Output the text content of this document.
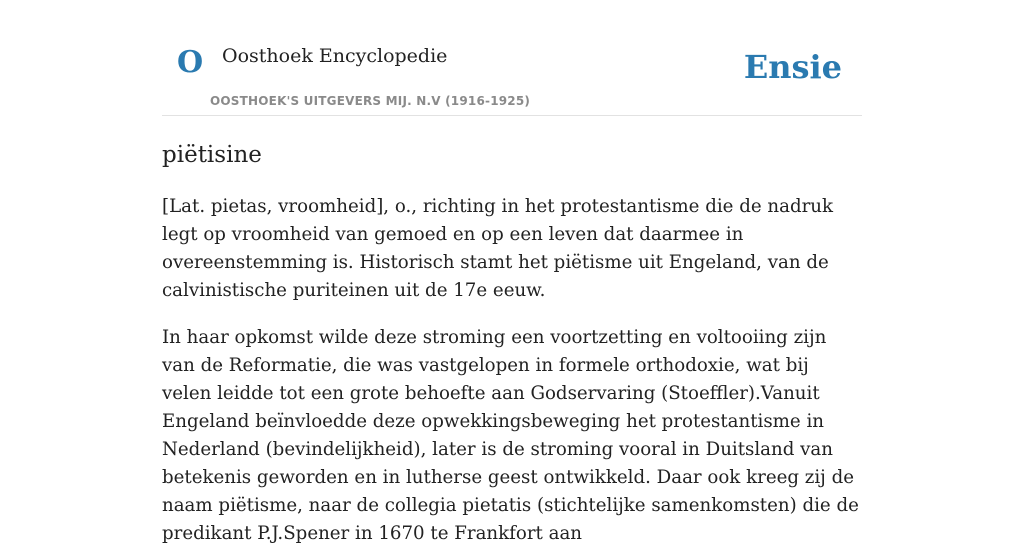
O Oosthoek Encyclopedie
OOSTHOEK'S UITGEVERS MIJ. N.V (1916-1925)
Ensie
piëtisine

[Lat. pietas, vroomheid], o., richting in het protestantisme die de nadruk legt op vroomheid van gemoed en op een leven dat daarmee in overeenstemming is. Historisch stamt het piëtisme uit Engeland, van de calvinistische puriteinen uit de 17e eeuw.

In haar opkomst wilde deze stroming een voortzetting en voltooiing zijn van de Reformatie, die was vastgelopen in formele orthodoxie, wat bij velen leidde tot een grote behoefte aan Godservaring (Stoeffler).Vanuit Engeland beïnvloedde deze opwekkingsbeweging het protestantisme in Nederland (bevindelijkheid), later is de stroming vooral in Duitsland van betekenis geworden en in lutherse geest ontwikkeld. Daar ook kreeg zij de naam piëtisme, naar de collegia pietatis (stichtelijke samenkomsten) die de predikant P.J.Spener in 1670 te Frankfort aan
